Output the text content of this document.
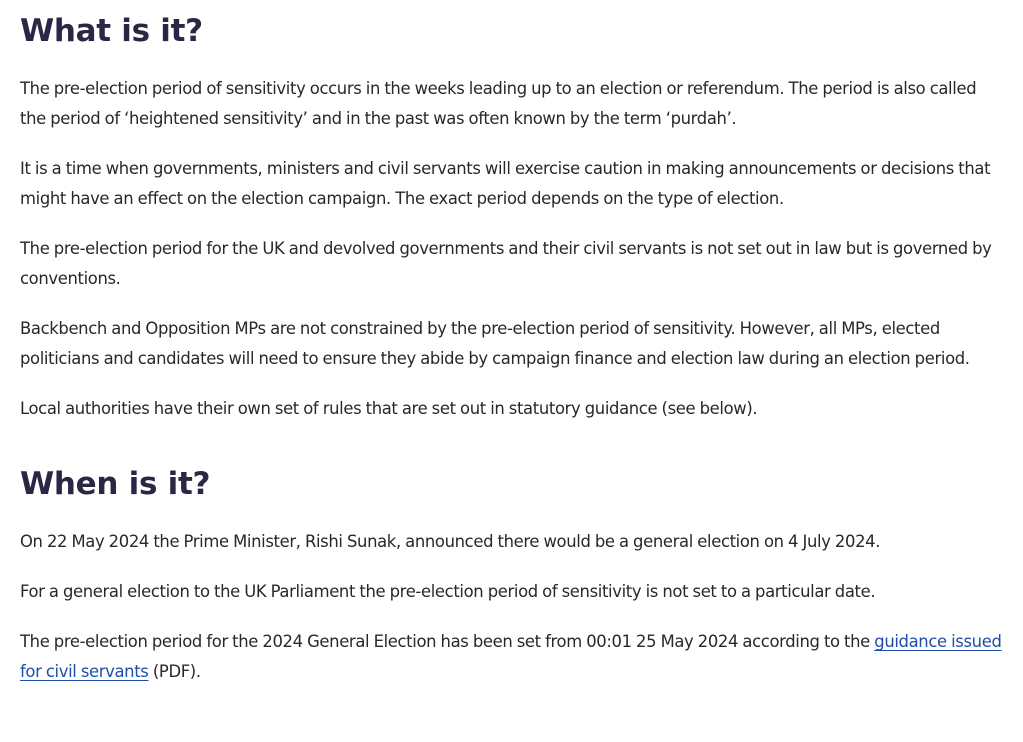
What is it?

The pre-election period of sensitivity occurs in the weeks leading up to an election or referendum. The period is also called the period of ‘heightened sensitivity’ and in the past was often known by the term ‘purdah’.

It is a time when governments, ministers and civil servants will exercise caution in making announcements or decisions that might have an effect on the election campaign. The exact period depends on the type of election.

The pre-election period for the UK and devolved governments and their civil servants is not set out in law but is governed by conventions.

Backbench and Opposition MPs are not constrained by the pre-election period of sensitivity. However, all MPs, elected politicians and candidates will need to ensure they abide by campaign finance and election law during an election period.

Local authorities have their own set of rules that are set out in statutory guidance (see below).

When is it?

On 22 May 2024 the Prime Minister, Rishi Sunak, announced there would be a general election on 4 July 2024.

For a general election to the UK Parliament the pre-election period of sensitivity is not set to a particular date.

The pre-election period for the 2024 General Election has been set from 00:01 25 May 2024 according to the guidance issued for civil servants (PDF).
